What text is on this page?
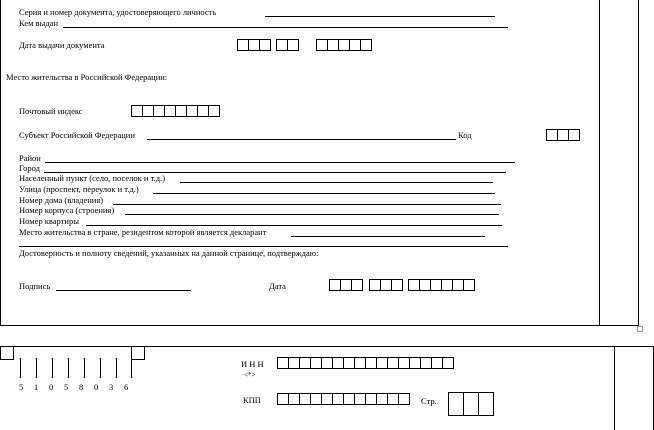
Серия и номер документа, удостоверяющего личность
Кем выдан
Дата выдачи документа
Место жительства в Российской Федерации:
Почтовый индекс
Субъект Российской Федерации	Код
Район
Город
Населенный пункт (село, поселок и т.д.)
Улица (проспект, переулок и т.д.)
Номер дома (владения)
Номер корпуса (строения)
Номер квартиры
Место жительства в стране, резидентом которой является декларант
Достоверность и полноту сведений, указанных на данной странице, подтверждаю:
Подпись	Дата
5 1 0 5 8 0 3 6
И Н Н
<*>
КПП	Стр.
